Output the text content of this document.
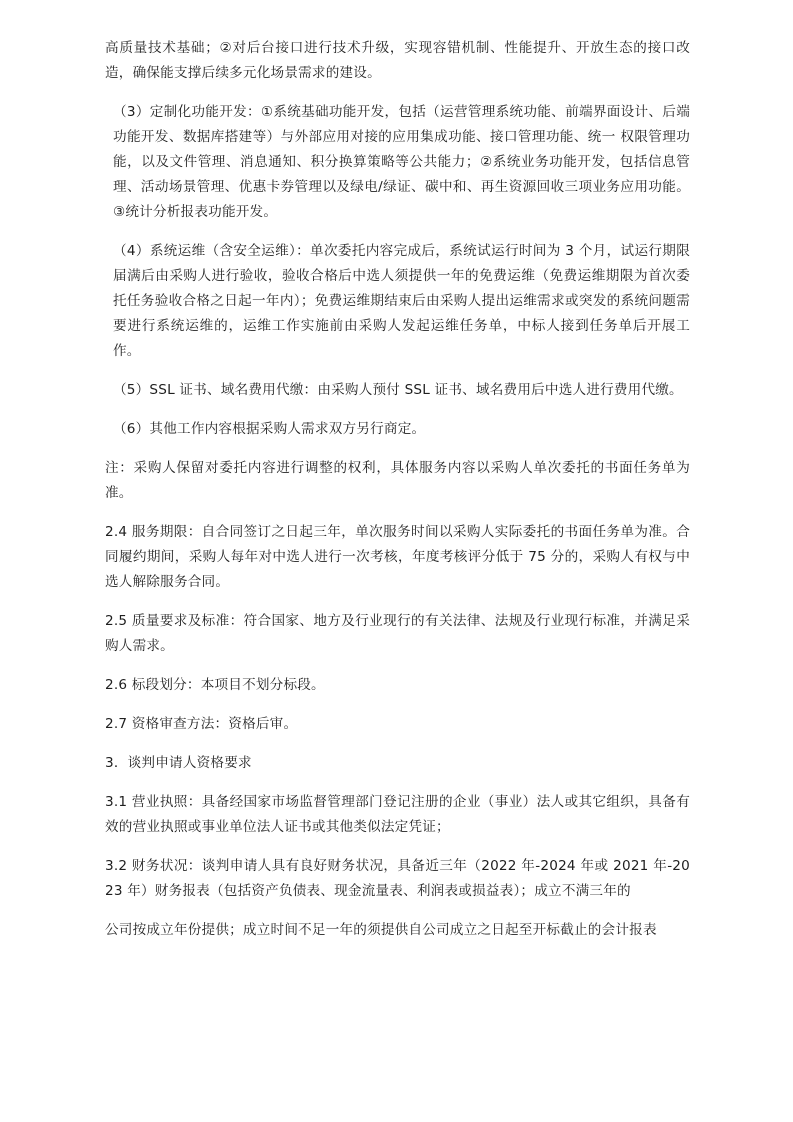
高质量技术基础；②对后台接口进行技术升级，实现容错机制、性能提升、开放生态的接口改造，确保能支撑后续多元化场景需求的建设。

（3）定制化功能开发：①系统基础功能开发，包括（运营管理系统功能、前端界面设计、后端功能开发、数据库搭建等）与外部应用对接的应用集成功能、接口管理功能、统一 权限管理功能，以及文件管理、消息通知、积分换算策略等公共能力；②系统业务功能开发，包括信息管理、活动场景管理、优惠卡券管理以及绿电/绿证、碳中和、再生资源回收三项业务应用功能。③统计分析报表功能开发。

（4）系统运维（含安全运维）：单次委托内容完成后，系统试运行时间为 3 个月，试运行期限届满后由采购人进行验收，验收合格后中选人须提供一年的免费运维（免费运维期限为首次委托任务验收合格之日起一年内）；免费运维期结束后由采购人提出运维需求或突发的系统问题需要进行系统运维的，运维工作实施前由采购人发起运维任务单，中标人接到任务单后开展工作。

（5）SSL 证书、域名费用代缴：由采购人预付 SSL 证书、域名费用后中选人进行费用代缴。

（6）其他工作内容根据采购人需求双方另行商定。

注：采购人保留对委托内容进行调整的权利，具体服务内容以采购人单次委托的书面任务单为准。

2.4 服务期限：自合同签订之日起三年，单次服务时间以采购人实际委托的书面任务单为准。合同履约期间，采购人每年对中选人进行一次考核，年度考核评分低于 75 分的，采购人有权与中选人解除服务合同。

2.5 质量要求及标准：符合国家、地方及行业现行的有关法律、法规及行业现行标准，并满足采购人需求。

2.6 标段划分：本项目不划分标段。

2.7 资格审查方法：资格后审。

3．谈判申请人资格要求

3.1 营业执照：具备经国家市场监督管理部门登记注册的企业（事业）法人或其它组织，具备有效的营业执照或事业单位法人证书或其他类似法定凭证；

3.2 财务状况：谈判申请人具有良好财务状况，具备近三年（2022 年-2024 年或 2021 年-2023 年）财务报表（包括资产负债表、现金流量表、利润表或损益表）；成立不满三年的

公司按成立年份提供；成立时间不足一年的须提供自公司成立之日起至开标截止的会计报表
